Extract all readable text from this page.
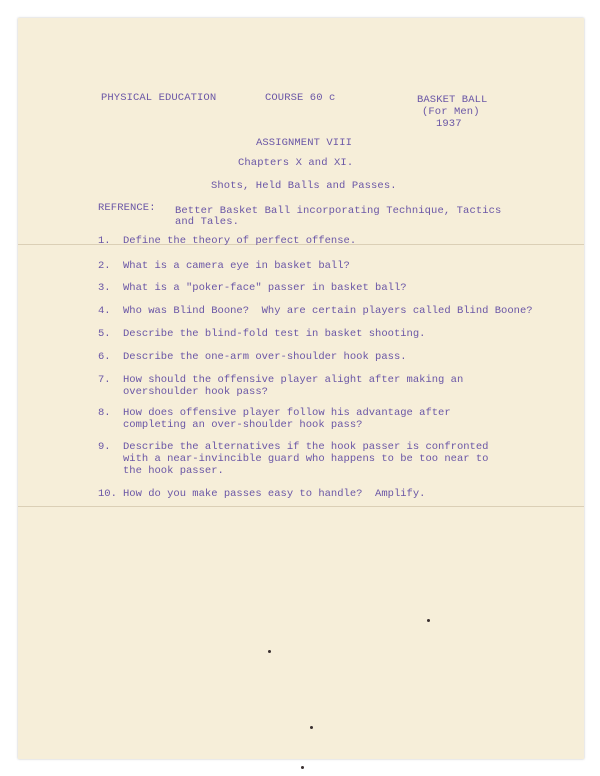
PHYSICAL EDUCATION	COURSE 60 c	BASKET BALL
(For Men)
1937
ASSIGNMENT VIII
Chapters X and XI.
Shots, Held Balls and Passes.
REFRENCE: Better Basket Ball incorporating Technique, Tactics
and Tales.
1. Define the theory of perfect offense.
2. What is a camera eye in basket ball?
3. What is a "poker-face" passer in basket ball?
4. Who was Blind Boone?  Why are certain players called Blind Boone?
5. Describe the blind-fold test in basket shooting.
6. Describe the one-arm over-shoulder hook pass.
7. How should the offensive player alight after making an
overshoulder hook pass?
8. How does offensive player follow his advantage after
completing an over-shoulder hook pass?
9. Describe the alternatives if the hook passer is confronted
with a near-invincible guard who happens to be too near to
the hook passer.
10. How do you make passes easy to handle?  Amplify.
